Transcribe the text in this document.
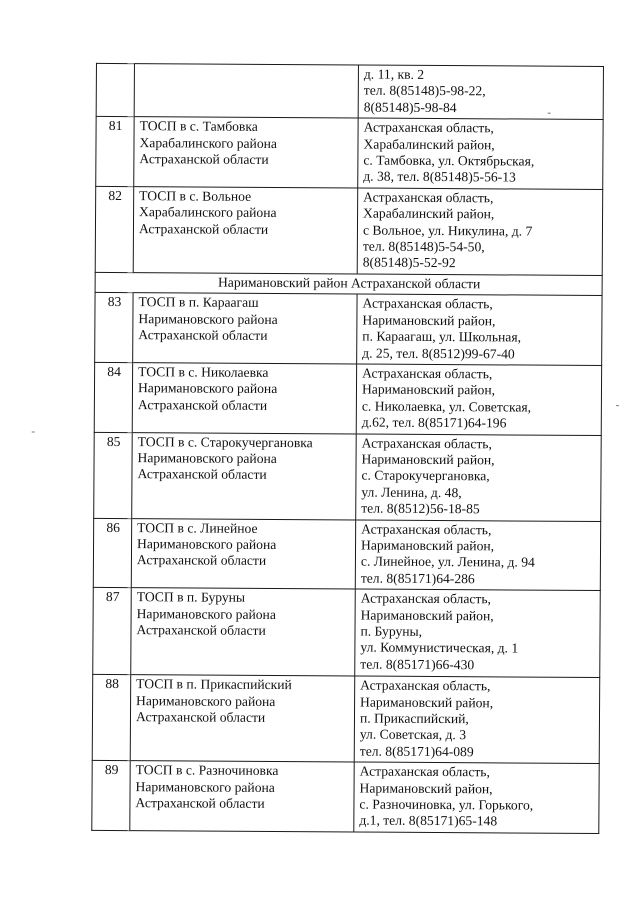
		д. 11, кв. 2
тел. 8(85148)5-98-22,
8(85148)5-98-84

81	ТОСП в с. Тамбовка
Харабалинского района
Астраханской области	Астраханская область,
Харабалинский район,
с. Тамбовка, ул. Октябрьская,
д. 38, тел. 8(85148)5-56-13

82	ТОСП в с. Вольное
Харабалинского района
Астраханской области	Астраханская область,
Харабалинский район,
с Вольное, ул. Никулина, д. 7
тел. 8(85148)5-54-50,
8(85148)5-52-92

Наримановский район Астраханской области		
83	ТОСП в п. Караагаш
Наримановского района
Астраханской области	Астраханская область,
Наримановский район,
п. Караагаш, ул. Школьная,
д. 25, тел. 8(8512)99-67-40

84	ТОСП в с. Николаевка
Наримановского района
Астраханской области	Астраханская область,
Наримановский район,
с. Николаевка, ул. Советская,
д.62, тел. 8(85171)64-196

85	ТОСП в с. Старокучергановка
Наримановского района
Астраханской области	Астраханская область,
Наримановский район,
с. Старокучергановка,
ул. Ленина, д. 48,
тел. 8(8512)56-18-85

86	ТОСП в с. Линейное
Наримановского района
Астраханской области	Астраханская область,
Наримановский район,
с. Линейное, ул. Ленина, д. 94
тел. 8(85171)64-286

87	ТОСП в п. Буруны
Наримановского района
Астраханской области	Астраханская область,
Наримановский район,
п. Буруны,
ул. Коммунистическая, д. 1
тел. 8(85171)66-430

88	ТОСП в п. Прикаспийский
Наримановского района
Астраханской области	Астраханская область,
Наримановский район,
п. Прикаспийский,
ул. Советская, д. 3
тел. 8(85171)64-089

89	ТОСП в с. Разночиновка
Наримановского района
Астраханской области	Астраханская область,
Наримановский район,
с. Разночиновка, ул. Горького,
д.1, тел. 8(85171)65-148
